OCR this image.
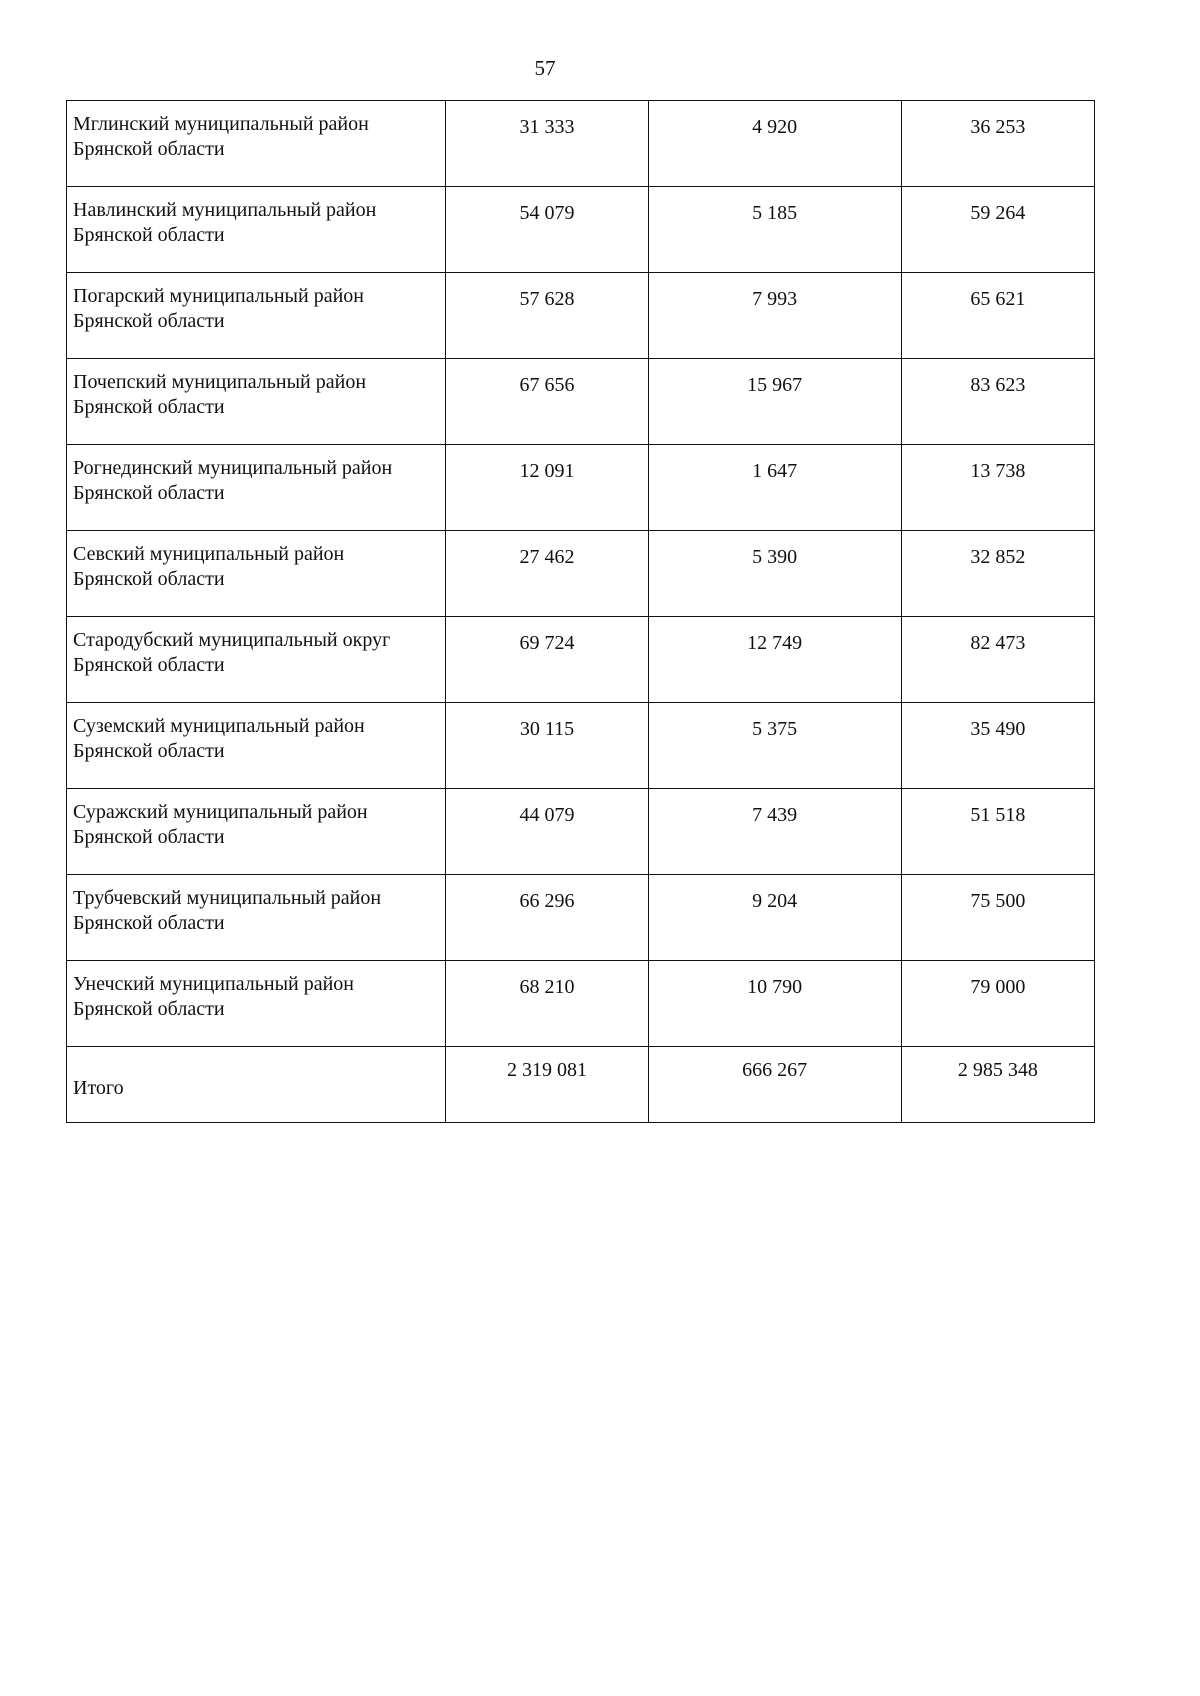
57
Мглинский муниципальный район
Брянской области	31 333	4 920	36 253

Навлинский муниципальный район
Брянской области	54 079	5 185	59 264

Погарский муниципальный район
Брянской области	57 628	7 993	65 621

Почепский муниципальный район
Брянской области	67 656	15 967	83 623

Рогнединский муниципальный район
Брянской области	12 091	1 647	13 738

Севский муниципальный район
Брянской области	27 462	5 390	32 852

Стародубский муниципальный округ
Брянской области	69 724	12 749	82 473

Суземский муниципальный район
Брянской области	30 115	5 375	35 490

Суражский муниципальный район
Брянской области	44 079	7 439	51 518

Трубчевский муниципальный район
Брянской области	66 296	9 204	75 500

Унечский муниципальный район
Брянской области	68 210	10 790	79 000
Итого	2 319 081	666 267	2 985 348
